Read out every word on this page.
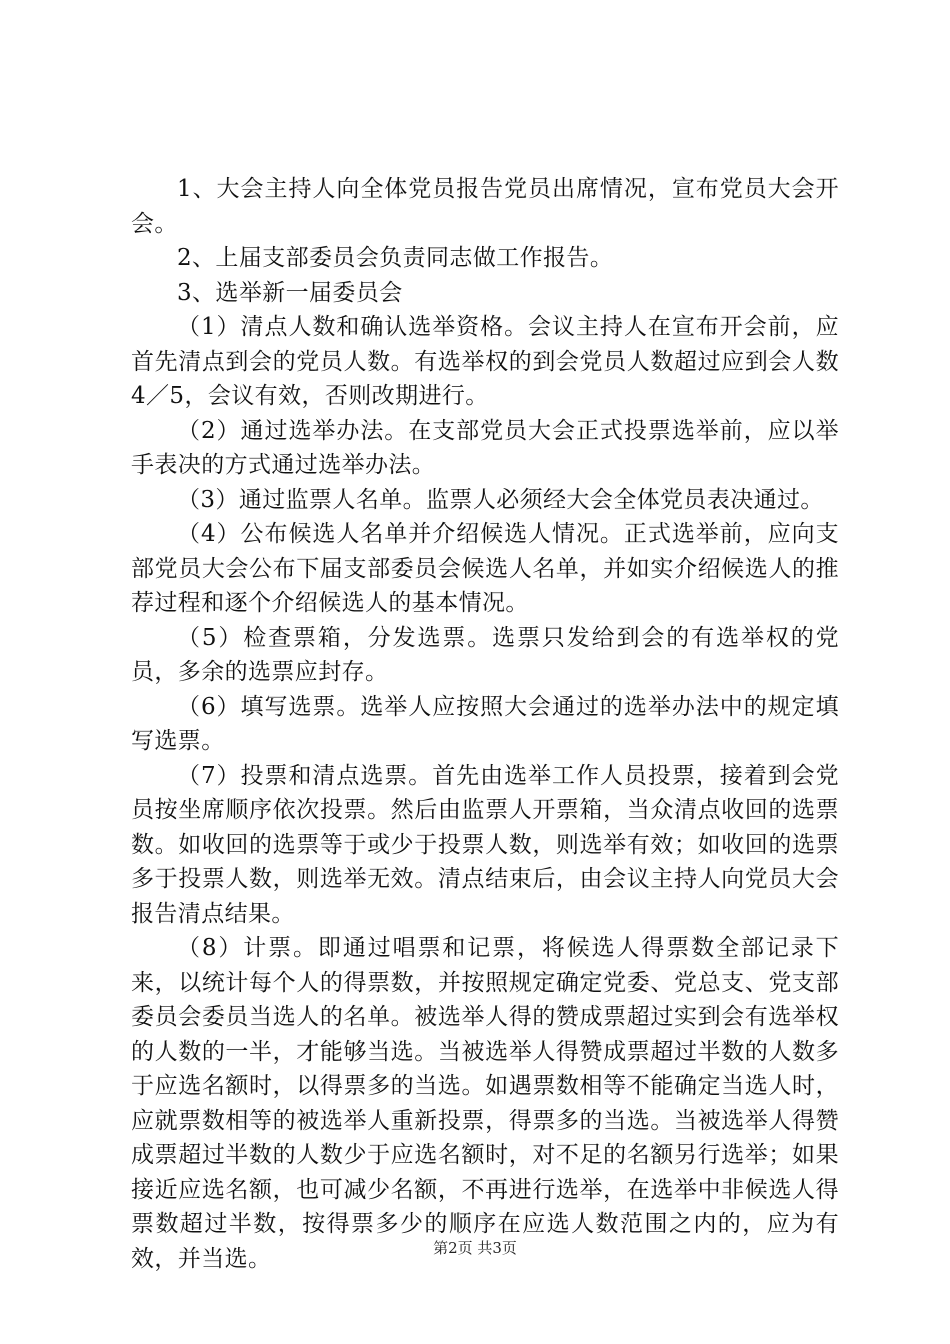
1、大会主持人向全体党员报告党员出席情况，宣布党员大会开会。

2、上届支部委员会负责同志做工作报告。

3、选举新一届委员会

（1）清点人数和确认选举资格。会议主持人在宣布开会前，应首先清点到会的党员人数。有选举权的到会党员人数超过应到会人数4／5，会议有效，否则改期进行。

（2）通过选举办法。在支部党员大会正式投票选举前，应以举手表决的方式通过选举办法。

（3）通过监票人名单。监票人必须经大会全体党员表决通过。

（4）公布候选人名单并介绍候选人情况。正式选举前，应向支部党员大会公布下届支部委员会候选人名单，并如实介绍候选人的推荐过程和逐个介绍候选人的基本情况。

（5）检查票箱，分发选票。选票只发给到会的有选举权的党员，多余的选票应封存。

（6）填写选票。选举人应按照大会通过的选举办法中的规定填写选票。

（7）投票和清点选票。首先由选举工作人员投票，接着到会党员按坐席顺序依次投票。然后由监票人开票箱，当众清点收回的选票数。如收回的选票等于或少于投票人数，则选举有效；如收回的选票多于投票人数，则选举无效。清点结束后，由会议主持人向党员大会报告清点结果。

（8）计票。即通过唱票和记票，将候选人得票数全部记录下来，以统计每个人的得票数，并按照规定确定党委、党总支、党支部委员会委员当选人的名单。被选举人得的赞成票超过实到会有选举权的人数的一半，才能够当选。当被选举人得赞成票超过半数的人数多于应选名额时，以得票多的当选。如遇票数相等不能确定当选人时，应就票数相等的被选举人重新投票，得票多的当选。当被选举人得赞成票超过半数的人数少于应选名额时，对不足的名额另行选举；如果接近应选名额，也可减少名额，不再进行选举，在选举中非候选人得票数超过半数，按得票多少的顺序在应选人数范围之内的，应为有效，并当选。	第2页 共3页
